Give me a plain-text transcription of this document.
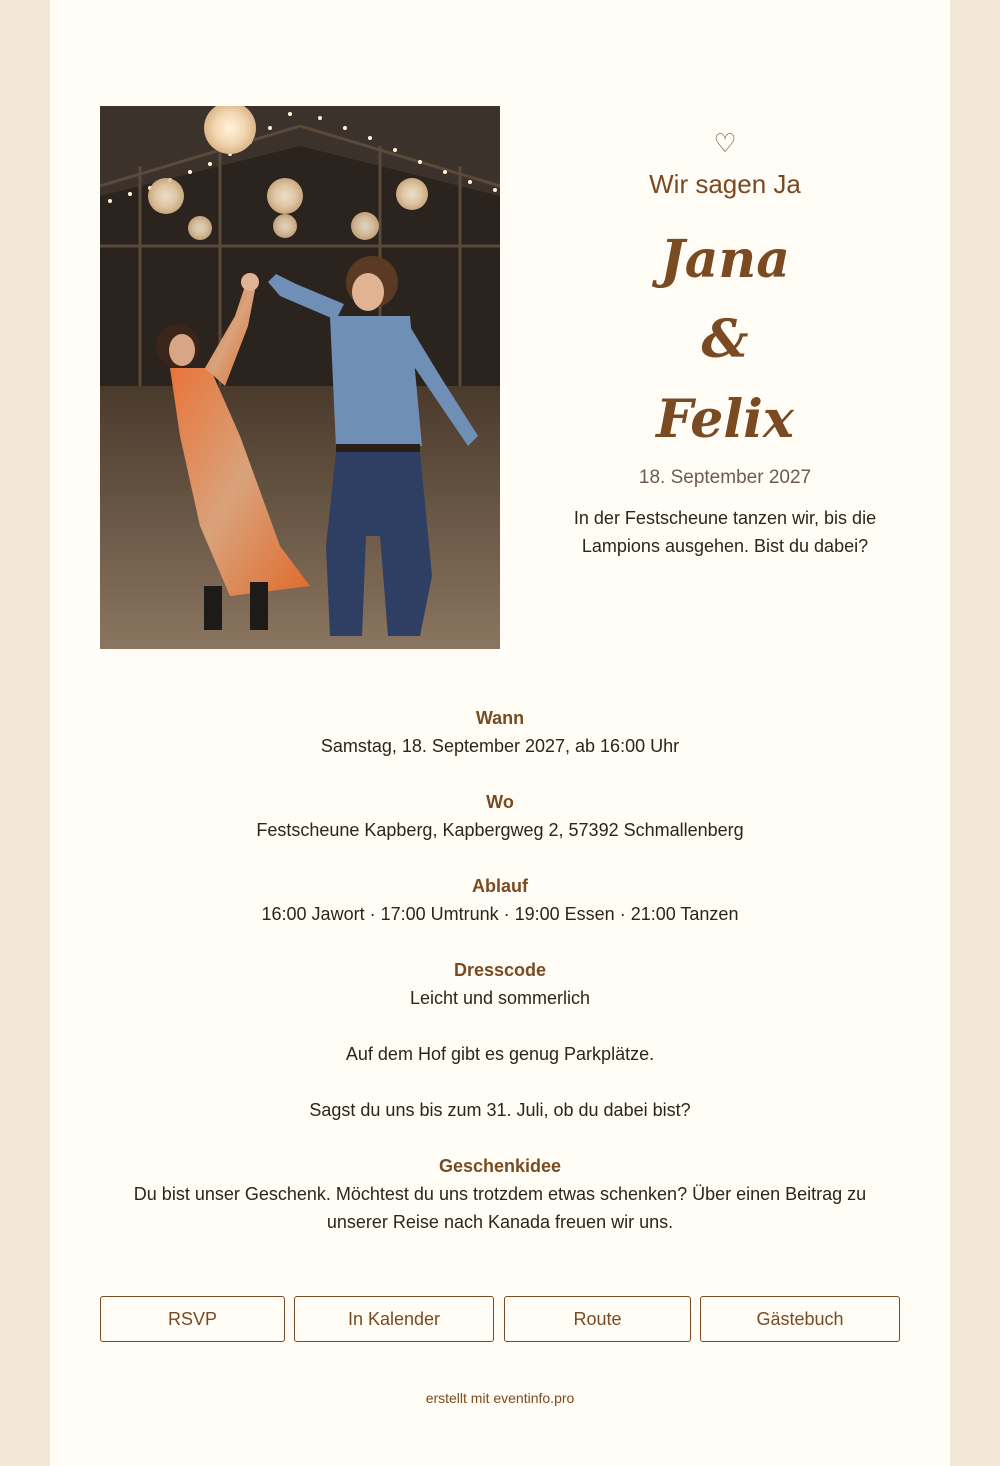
♡
Wir sagen Ja
Jana
&
Felix
18. September 2027
In der Festscheune tanzen wir, bis die Lampions ausgehen. Bist du dabei?
Wann
Samstag, 18. September 2027, ab 16:00 Uhr
Wo
Festscheune Kapberg, Kapbergweg 2, 57392 Schmallenberg
Ablauf
16:00 Jawort · 17:00 Umtrunk · 19:00 Essen · 21:00 Tanzen
Dresscode
Leicht und sommerlich
Auf dem Hof gibt es genug Parkplätze.
Sagst du uns bis zum 31. Juli, ob du dabei bist?
Geschenkidee
Du bist unser Geschenk. Möchtest du uns trotzdem etwas schenken? Über einen Beitrag zu unserer Reise nach Kanada freuen wir uns.
RSVP	In Kalender	Route	Gästebuch
erstellt mit eventinfo.pro
